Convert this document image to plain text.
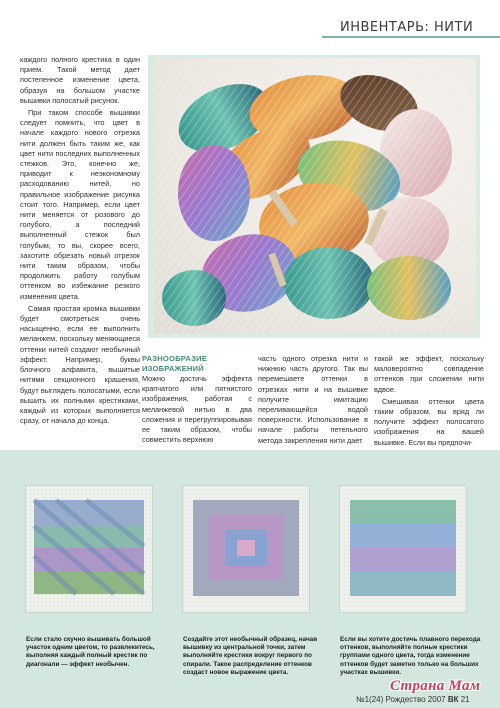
ИНВЕНТАРЬ: НИТИ

каждого полного крестика в один прием. Такой метод дает постепенное изменение цвета, образуя на большом участке вышивки полосатый рисунок.

При таком способе вышивки следует помнить, что цвет в начале каждого нового отрезка нити должен быть таким же, как цвет нити последних выполненных стежков. Это, конечно же, приводит к неэкономному расходованию нитей, но правильное изображение рисунка стоит того. Например, если цвет нити меняется от розового до голубого, а последний выполненный стежок был голубым, то вы, скорее всего, захотите обрезать новый отрезок нити таким образом, чтобы продолжить работу голубым оттенком во избежание резкого изменения цвета.

Самая простая кромка вышивки будет смотреться очень насыщенно, если ее выполнить меланжем, поскольку меняющиеся оттенки нитей создают необычный эффект. Например, буквы блочного алфавита, вышитые нитями секционного крашения, будут выглядеть полосатыми, если вышить их полными крестиками, каждый из которых выполняется сразу, от начала до конца.

РАЗНООБРАЗИЕ
ИЗОБРАЖЕНИЙ

Можно достичь эффекта крапчатого или пятнистого изображения, работая с меланжевой нитью в два сложения и перегруппировывая ее таким образом, чтобы совместить верхнюю

часть одного отрезка нити и нижнюю часть другого. Так вы перемешаете оттенки в отрезках нити и на вышивке получите имитацию переливающейся водой поверхности. Использование в начале работы петельного метода закрепления нити дает

такой же эффект, поскольку маловероятно совпадение оттенков при сложении нити вдвое.

Смешивая оттенки цвета таким образом, вы вряд ли получите эффект полосатого изображения на вашей вышивке. Если вы предпочи-

Если стало скучно вышивать большой участок одним цветом, то развлекитесь, выполняя каждый полный крестик по диагонали — эффект необычен.
Создайте этот необычный образец, начав вышивку из центральной точки, затем выполняйте крестики вокруг первого по спирали. Такое распределение оттенков создаст новое выражение цвета.
Если вы хотите достичь плавного перехода оттенков, выполняйте полные крестики группами одного цвета, тогда изменение оттенков будет заметно только на больших участках вышивки.
№1(24) Рождество 2007 ВК 21
Страна Мам
